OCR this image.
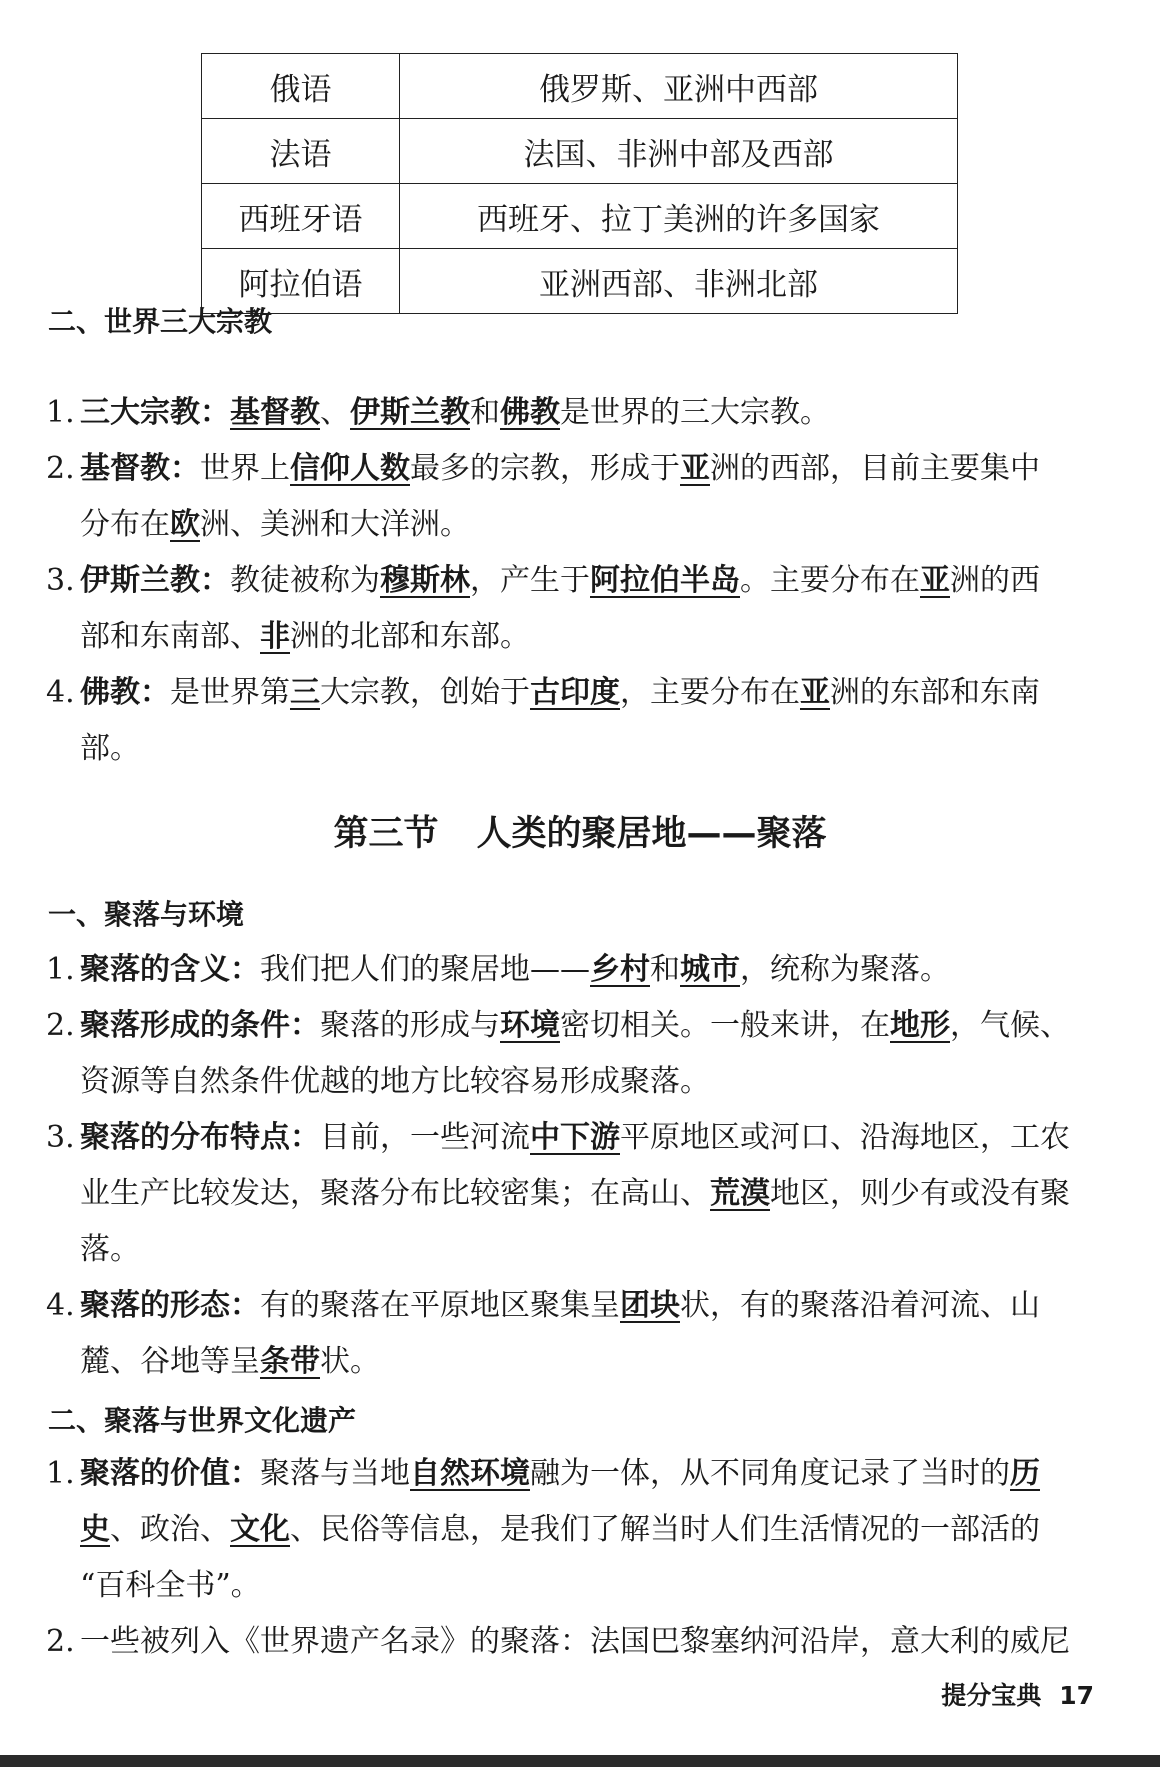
俄语	俄罗斯、亚洲中西部
法语	法国、非洲中部及西部
西班牙语	西班牙、拉丁美洲的许多国家
阿拉伯语	亚洲西部、非洲北部
二、世界三大宗教
1. 三大宗教：基督教、伊斯兰教和佛教是世界的三大宗教。
2. 基督教：世界上信仰人数最多的宗教，形成于亚洲的西部，目前主要集中
分布在欧洲、美洲和大洋洲。
3. 伊斯兰教：教徒被称为穆斯林，产生于阿拉伯半岛。主要分布在亚洲的西
部和东南部、非洲的北部和东部。
4. 佛教：是世界第三大宗教，创始于古印度，主要分布在亚洲的东部和东南
部。
第三节 人类的聚居地——聚落
一、聚落与环境
1. 聚落的含义：我们把人们的聚居地——乡村和城市，统称为聚落。
2. 聚落形成的条件：聚落的形成与环境密切相关。一般来讲，在地形，气候、
资源等自然条件优越的地方比较容易形成聚落。
3. 聚落的分布特点：目前，一些河流中下游平原地区或河口、沿海地区，工农
业生产比较发达，聚落分布比较密集；在高山、荒漠地区，则少有或没有聚
落。
4. 聚落的形态：有的聚落在平原地区聚集呈团块状，有的聚落沿着河流、山
麓、谷地等呈条带状。
二、聚落与世界文化遗产
1. 聚落的价值：聚落与当地自然环境融为一体，从不同角度记录了当时的历
史、政治、文化、民俗等信息，是我们了解当时人们生活情况的一部活的
“百科全书”。
2. 一些被列入《世界遗产名录》的聚落：法国巴黎塞纳河沿岸，意大利的威尼
提分宝典 17
